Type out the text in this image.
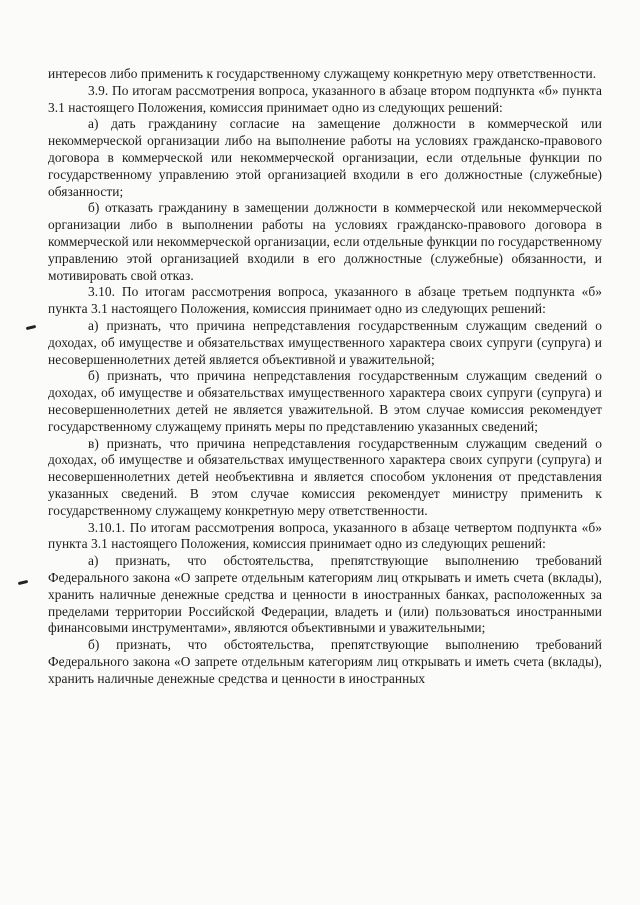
интересов либо применить к государственному служащему конкретную меру ответственности.

3.9. По итогам рассмотрения вопроса, указанного в абзаце втором подпункта «б» пункта 3.1 настоящего Положения, комиссия принимает одно из следующих решений:

а) дать гражданину согласие на замещение должности в коммерческой или некоммерческой организации либо на выполнение работы на условиях гражданско-правового договора в коммерческой или некоммерческой организации, если отдельные функции по государственному управлению этой организацией входили в его должностные (служебные) обязанности;

б) отказать гражданину в замещении должности в коммерческой или некоммерческой организации либо в выполнении работы на условиях гражданско-правового договора в коммерческой или некоммерческой организации, если отдельные функции по государственному управлению этой организацией входили в его должностные (служебные) обязанности, и мотивировать свой отказ.

3.10. По итогам рассмотрения вопроса, указанного в абзаце третьем подпункта «б» пункта 3.1 настоящего Положения, комиссия принимает одно из следующих решений:

а) признать, что причина непредставления государственным служащим сведений о доходах, об имуществе и обязательствах имущественного характера своих супруги (супруга) и несовершеннолетних детей является объективной и уважительной;

б) признать, что причина непредставления государственным служащим сведений о доходах, об имуществе и обязательствах имущественного характера своих супруги (супруга) и несовершеннолетних детей не является уважительной. В этом случае комиссия рекомендует государственному служащему принять меры по представлению указанных сведений;

в) признать, что причина непредставления государственным служащим сведений о доходах, об имуществе и обязательствах имущественного характера своих супруги (супруга) и несовершеннолетних детей необъективна и является способом уклонения от представления указанных сведений. В этом случае комиссия рекомендует министру применить к государственному служащему конкретную меру ответственности.

3.10.1. По итогам рассмотрения вопроса, указанного в абзаце четвертом подпункта «б» пункта 3.1 настоящего Положения, комиссия принимает одно из следующих решений:

а) признать, что обстоятельства, препятствующие выполнению требований Федерального закона «О запрете отдельным категориям лиц открывать и иметь счета (вклады), хранить наличные денежные средства и ценности в иностранных банках, расположенных за пределами территории Российской Федерации, владеть и (или) пользоваться иностранными финансовыми инструментами», являются объективными и уважительными;

б) признать, что обстоятельства, препятствующие выполнению требований Федерального закона «О запрете отдельным категориям лиц открывать и иметь счета (вклады), хранить наличные денежные средства и ценности в иностранных
